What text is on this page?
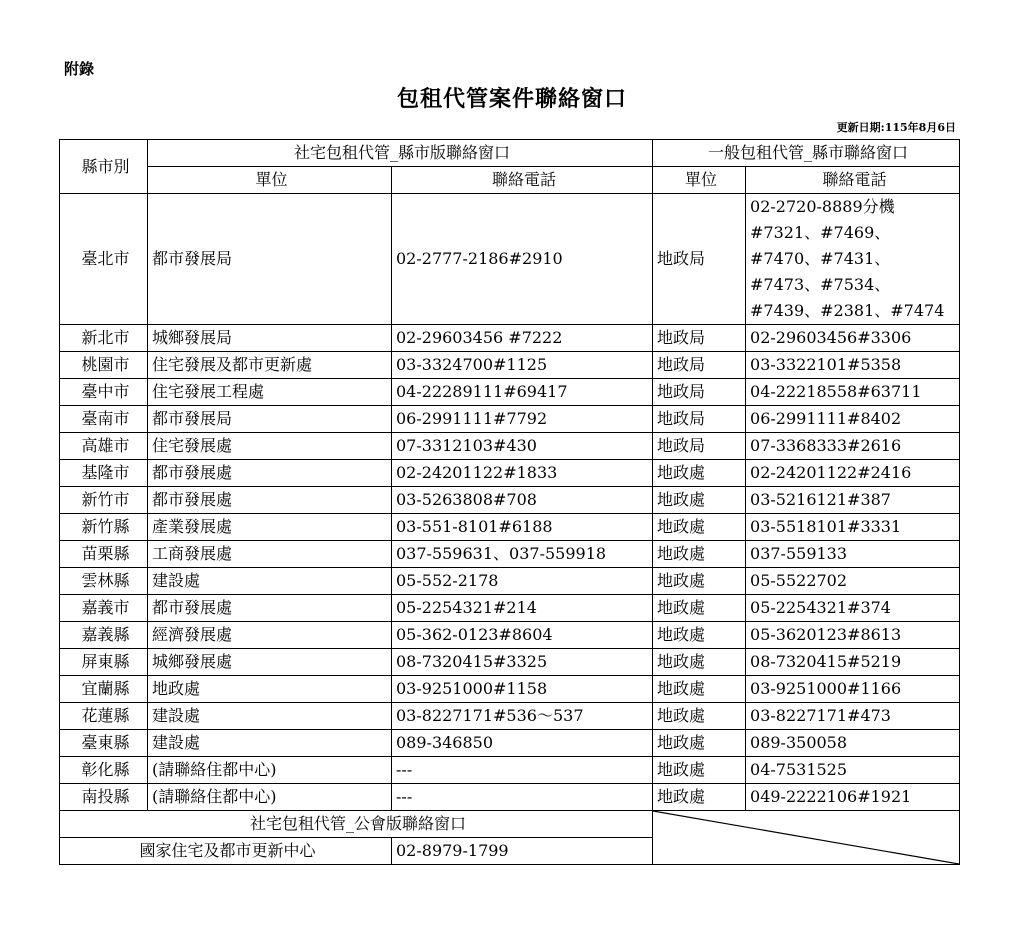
附錄
包租代管案件聯絡窗口
更新日期:115年8月6日
縣市別	社宅包租代管_縣市版聯絡窗口		一般包租代管_縣市聯絡窗口	
	單位	聯絡電話	單位	聯絡電話
臺北市	都市發展局	02-2777-2186#2910	地政局	02-2720-8889分機
#7321、#7469、
#7470、#7431、
#7473、#7534、
#7439、#2381、#7474

新北市	城鄉發展局	02-29603456 #7222	地政局	02-29603456#3306
桃園市	住宅發展及都市更新處	03-3324700#1125	地政局	03-3322101#5358
臺中市	住宅發展工程處	04-22289111#69417	地政局	04-22218558#63711
臺南市	都市發展局	06-2991111#7792	地政局	06-2991111#8402
高雄市	住宅發展處	07-3312103#430	地政局	07-3368333#2616
基隆市	都市發展處	02-24201122#1833	地政處	02-24201122#2416
新竹市	都市發展處	03-5263808#708	地政處	03-5216121#387
新竹縣	產業發展處	03-551-8101#6188	地政處	03-5518101#3331
苗栗縣	工商發展處	037-559631、037-559918	地政處	037-559133
雲林縣	建設處	05-552-2178	地政處	05-5522702
嘉義市	都市發展處	05-2254321#214	地政處	05-2254321#374
嘉義縣	經濟發展處	05-362-0123#8604	地政處	05-3620123#8613
屏東縣	城鄉發展處	08-7320415#3325	地政處	08-7320415#5219
宜蘭縣	地政處	03-9251000#1158	地政處	03-9251000#1166
花蓮縣	建設處	03-8227171#536～537	地政處	03-8227171#473
臺東縣	建設處	089-346850	地政處	089-350058
彰化縣	(請聯絡住都中心)	---	地政處	04-7531525
南投縣	(請聯絡住都中心)	---	地政處	049-2222106#1921
社宅包租代管_公會版聯絡窗口	

國家住宅及都市更新中心		02-8979-1799		
